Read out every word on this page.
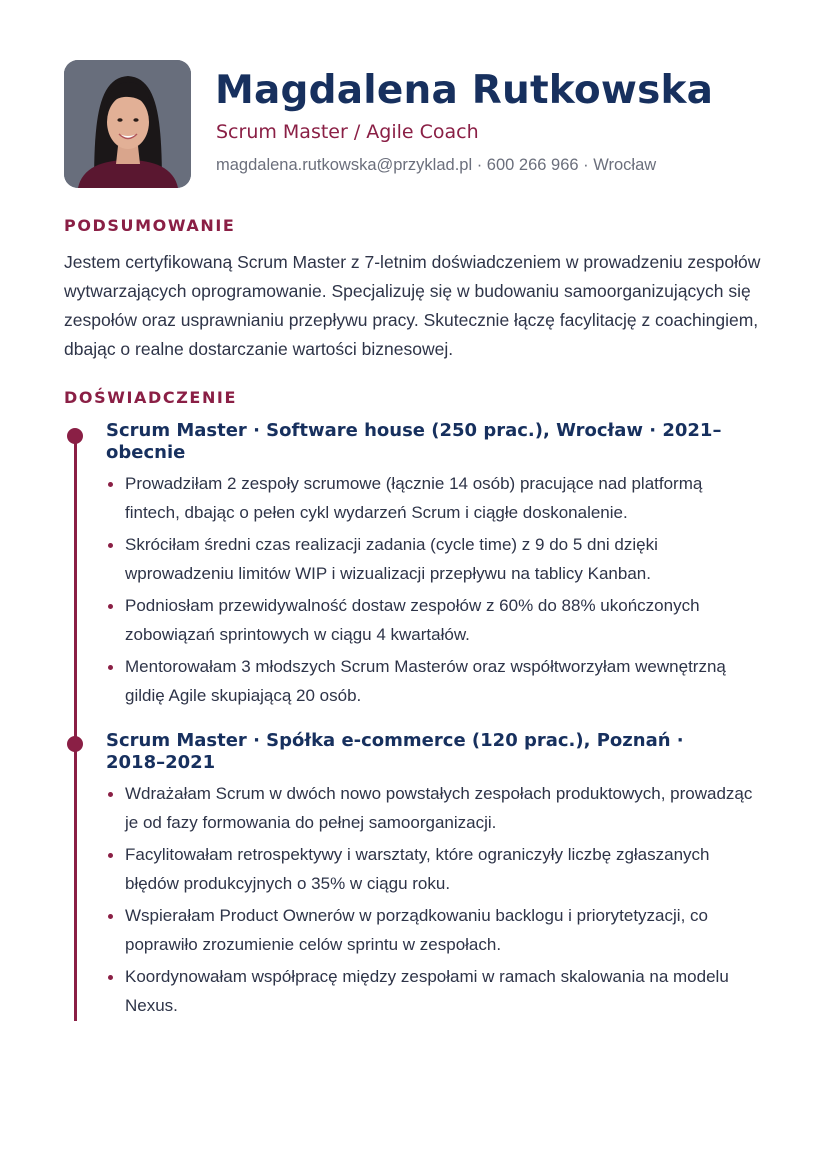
Magdalena Rutkowska
Scrum Master / Agile Coach
magdalena.rutkowska@przyklad.pl · 600 266 966 · Wrocław
PODSUMOWANIE

Jestem certyfikowaną Scrum Master z 7-letnim doświadczeniem w prowadzeniu zespołów wytwarzających oprogramowanie. Specjalizuję się w budowaniu samoorganizujących się zespołów oraz usprawnianiu przepływu pracy. Skutecznie łączę facylitację z coachingiem, dbając o realne dostarczanie wartości biznesowej.

DOŚWIADCZENIE
Scrum Master · Software house (250 prac.), Wrocław · 2021–obecnie
Prowadziłam 2 zespoły scrumowe (łącznie 14 osób) pracujące nad platformą fintech, dbając o pełen cykl wydarzeń Scrum i ciągłe doskonalenie.
Skróciłam średni czas realizacji zadania (cycle time) z 9 do 5 dni dzięki wprowadzeniu limitów WIP i wizualizacji przepływu na tablicy Kanban.
Podniosłam przewidywalność dostaw zespołów z 60% do 88% ukończonych zobowiązań sprintowych w ciągu 4 kwartałów.
Mentorowałam 3 młodszych Scrum Masterów oraz współtworzyłam wewnętrzną gildię Agile skupiającą 20 osób.
Scrum Master · Spółka e-commerce (120 prac.), Poznań · 2018–2021
Wdrażałam Scrum w dwóch nowo powstałych zespołach produktowych, prowadząc je od fazy formowania do pełnej samoorganizacji.
Facylitowałam retrospektywy i warsztaty, które ograniczyły liczbę zgłaszanych błędów produkcyjnych o 35% w ciągu roku.
Wspierałam Product Ownerów w porządkowaniu backlogu i priorytetyzacji, co poprawiło zrozumienie celów sprintu w zespołach.
Koordynowałam współpracę między zespołami w ramach skalowania na modelu Nexus.
